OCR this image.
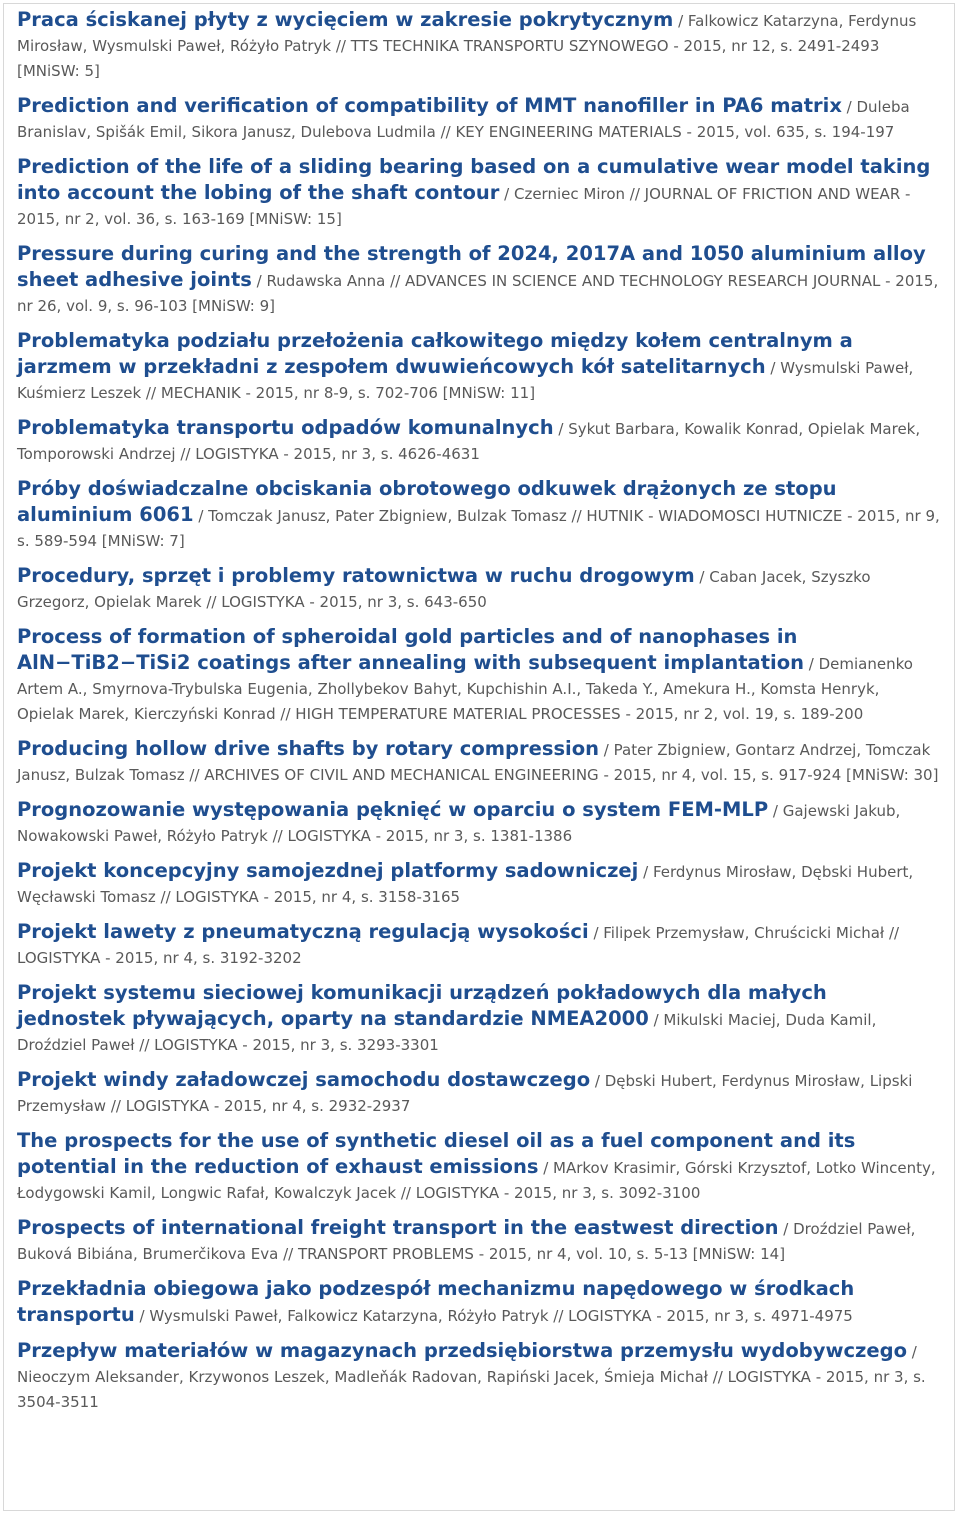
Praca ściskanej płyty z wycięciem w zakresie pokrytycznym / Falkowicz Katarzyna, Ferdynus Mirosław, Wysmulski Paweł, Różyło Patryk // TTS TECHNIKA TRANSPORTU SZYNOWEGO - 2015, nr 12, s. 2491-2493 [MNiSW: 5]
Prediction and verification of compatibility of MMT nanofiller in PA6 matrix / Duleba Branislav, Spišák Emil, Sikora Janusz, Dulebova Ludmila // KEY ENGINEERING MATERIALS - 2015, vol. 635, s. 194-197
Prediction of the life of a sliding bearing based on a cumulative wear model taking into account the lobing of the shaft contour / Czerniec Miron // JOURNAL OF FRICTION AND WEAR - 2015, nr 2, vol. 36, s. 163-169 [MNiSW: 15]
Pressure during curing and the strength of 2024, 2017A and 1050 aluminium alloy sheet adhesive joints / Rudawska Anna // ADVANCES IN SCIENCE AND TECHNOLOGY RESEARCH JOURNAL - 2015, nr 26, vol. 9, s. 96-103 [MNiSW: 9]
Problematyka podziału przełożenia całkowitego między kołem centralnym a jarzmem w przekładni z zespołem dwuwieńcowych kół satelitarnych / Wysmulski Paweł, Kuśmierz Leszek // MECHANIK - 2015, nr 8-9, s. 702-706 [MNiSW: 11]
Problematyka transportu odpadów komunalnych / Sykut Barbara, Kowalik Konrad, Opielak Marek, Tomporowski Andrzej // LOGISTYKA - 2015, nr 3, s. 4626-4631
Próby doświadczalne obciskania obrotowego odkuwek drążonych ze stopu aluminium 6061 / Tomczak Janusz, Pater Zbigniew, Bulzak Tomasz // HUTNIK - WIADOMOSCI HUTNICZE - 2015, nr 9, s. 589-594 [MNiSW: 7]
Procedury, sprzęt i problemy ratownictwa w ruchu drogowym / Caban Jacek, Szyszko Grzegorz, Opielak Marek // LOGISTYKA - 2015, nr 3, s. 643-650
Process of formation of spheroidal gold particles and of nanophases in AlN−TiB2−TiSi2 coatings after annealing with subsequent implantation / Demianenko Artem A., Smyrnova-Trybulska Eugenia, Zhollybekov Bahyt, Kupchishin A.I., Takeda Y., Amekura H., Komsta Henryk, Opielak Marek, Kierczyński Konrad // HIGH TEMPERATURE MATERIAL PROCESSES - 2015, nr 2, vol. 19, s. 189-200
Producing hollow drive shafts by rotary compression / Pater Zbigniew, Gontarz Andrzej, Tomczak Janusz, Bulzak Tomasz // ARCHIVES OF CIVIL AND MECHANICAL ENGINEERING - 2015, nr 4, vol. 15, s. 917-924 [MNiSW: 30]
Prognozowanie występowania pęknięć w oparciu o system FEM-MLP / Gajewski Jakub, Nowakowski Paweł, Różyło Patryk // LOGISTYKA - 2015, nr 3, s. 1381-1386
Projekt koncepcyjny samojezdnej platformy sadowniczej / Ferdynus Mirosław, Dębski Hubert, Węcławski Tomasz // LOGISTYKA - 2015, nr 4, s. 3158-3165
Projekt lawety z pneumatyczną regulacją wysokości / Filipek Przemysław, Chruścicki Michał // LOGISTYKA - 2015, nr 4, s. 3192-3202
Projekt systemu sieciowej komunikacji urządzeń pokładowych dla małych jednostek pływających, oparty na standardzie NMEA2000 / Mikulski Maciej, Duda Kamil, Droździel Paweł // LOGISTYKA - 2015, nr 3, s. 3293-3301
Projekt windy załadowczej samochodu dostawczego / Dębski Hubert, Ferdynus Mirosław, Lipski Przemysław // LOGISTYKA - 2015, nr 4, s. 2932-2937
The prospects for the use of synthetic diesel oil as a fuel component and its potential in the reduction of exhaust emissions / MArkov Krasimir, Górski Krzysztof, Lotko Wincenty, Łodygowski Kamil, Longwic Rafał, Kowalczyk Jacek // LOGISTYKA - 2015, nr 3, s. 3092-3100
Prospects of international freight transport in the eastwest direction / Droździel Paweł, Buková Bibiána, Brumerčikova Eva // TRANSPORT PROBLEMS - 2015, nr 4, vol. 10, s. 5-13 [MNiSW: 14]
Przekładnia obiegowa jako podzespół mechanizmu napędowego w środkach transportu / Wysmulski Paweł, Falkowicz Katarzyna, Różyło Patryk // LOGISTYKA - 2015, nr 3, s. 4971-4975
Przepływ materiałów w magazynach przedsiębiorstwa przemysłu wydobywczego / Nieoczym Aleksander, Krzywonos Leszek, Madleňák Radovan, Rapiński Jacek, Śmieja Michał // LOGISTYKA - 2015, nr 3, s. 3504-3511
